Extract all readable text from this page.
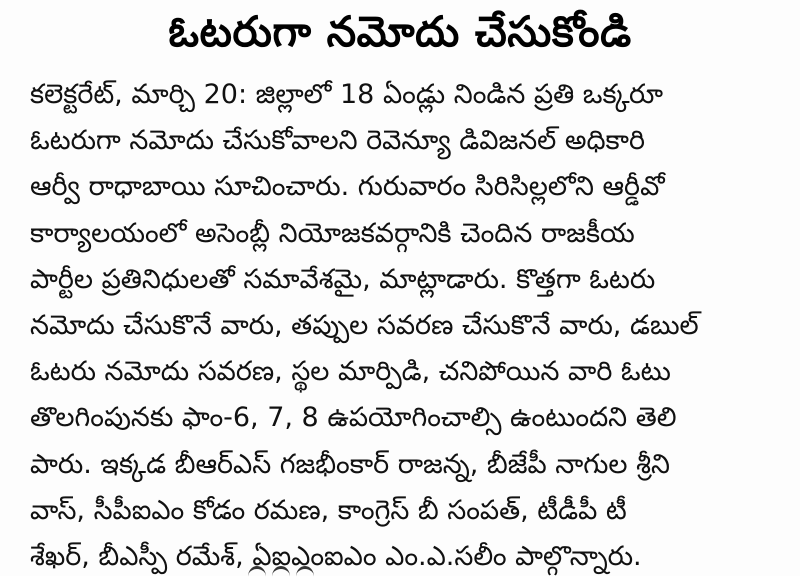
ఓటరుగా నమోదు చేసుకోండి
కలెక్టరేట్, మార్చి 20: జిల్లాలో 18 ఏండ్లు నిండిన ప్రతి ఒక్కరూ
ఓటరుగా నమోదు చేసుకోవాలని రెవెన్యూ డివిజనల్ అధికారి
ఆర్వీ రాధాబాయి సూచించారు. గురువారం సిరిసిల్లలోని ఆర్డీవో
కార్యాలయంలో అసెంబ్లీ నియోజకవర్గానికి చెందిన రాజకీయ
పార్టీల ప్రతినిధులతో సమావేశమై, మాట్లాడారు. కొత్తగా ఓటరు
నమోదు చేసుకొనే వారు, తప్పుల సవరణ చేసుకొనే వారు, డబుల్
ఓటరు నమోదు సవరణ, స్థల మార్పిడి, చనిపోయిన వారి ఓటు
తొలగింపునకు ఫాం-6, 7, 8 ఉపయోగించాల్సి ఉంటుందని తెలి
పారు. ఇక్కడ బీఆర్ఎస్ గజభీంకార్ రాజన్న, బీజేపీ నాగుల శ్రీని
వాస్, సీపీఐఎం కోడం రమణ, కాంగ్రెస్ బీ సంపత్, టీడీపీ టీ
శేఖర్, బీఎస్పీ రమేశ్, ఏఐఎంఐఎం ఎం.ఎ.సలీం పాల్గొన్నారు.
